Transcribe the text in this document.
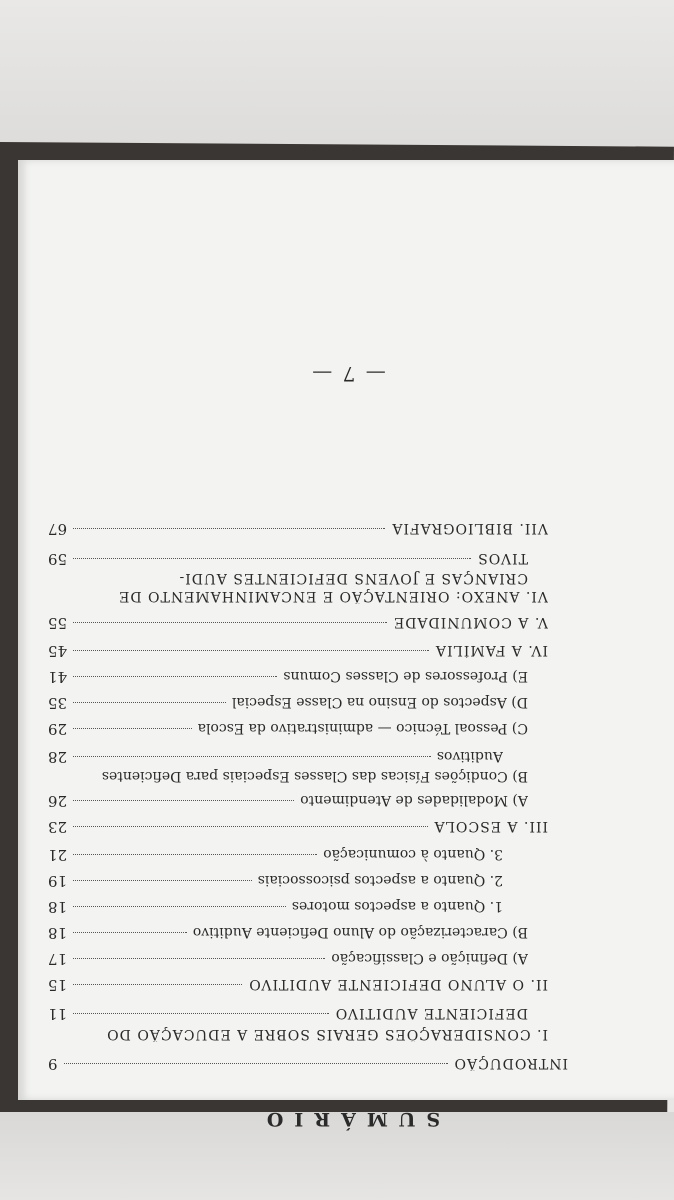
SUMÁRIO
INTRODUÇÃO
9
I. CONSIDERAÇÕES GERAIS SOBRE A EDUCAÇÃO DO
DEFICIENTE AUDITIVO
11
II. O ALUNO DEFICIENTE AUDITIVO
15
A) Definição e Classificação
17
B) Caracterização do Aluno Deficiente Auditivo
18
1. Quanto a aspectos motores
18
2. Quanto a aspectos psicossociais
19
3. Quanto à comunicação
21
III. A ESCOLA
23
A) Modalidades de Atendimento
26
B) Condições Físicas das Classes Especiais para Deficientes
Auditivos
28
C) Pessoal Técnico — administrativo da Escola
29
D) Aspectos do Ensino na Classe Especial
35
E) Professores de Classes Comuns
41
IV. A FAMÍLIA
45
V. A COMUNIDADE
55
VI. ANEXO: ORIENTAÇÃO E ENCAMINHAMENTO DE
CRIANÇAS E JOVENS DEFICIENTES AUDI-
TIVOS
59
VII. BIBLIOGRAFIA
67
— 7 —
